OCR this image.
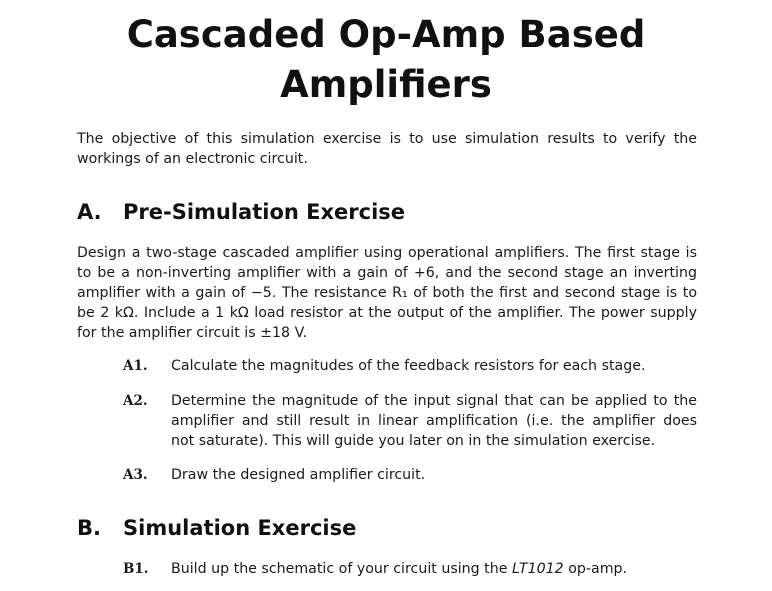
Cascaded Op-Amp Based
Amplifiers

The objective of this simulation exercise is to use simulation results to verify the
workings of an electronic circuit.

A. Pre-Simulation Exercise

Design a two-stage cascaded amplifier using operational amplifiers. The first stage is
to be a non-inverting amplifier with a gain of +6, and the second stage an inverting
amplifier with a gain of −5. The resistance R₁ of both the first and second stage is to
be 2 kΩ. Include a 1 kΩ load resistor at the output of the amplifier. The power supply
for the amplifier circuit is ±18 V.

A1. Calculate the magnitudes of the feedback resistors for each stage.
A2. Determine the magnitude of the input signal that can be applied to the
amplifier and still result in linear amplification (i.e. the amplifier does
not saturate). This will guide you later on in the simulation exercise.
A3. Draw the designed amplifier circuit.
B. Simulation Exercise
B1. Build up the schematic of your circuit using the LT1012 op-amp.
